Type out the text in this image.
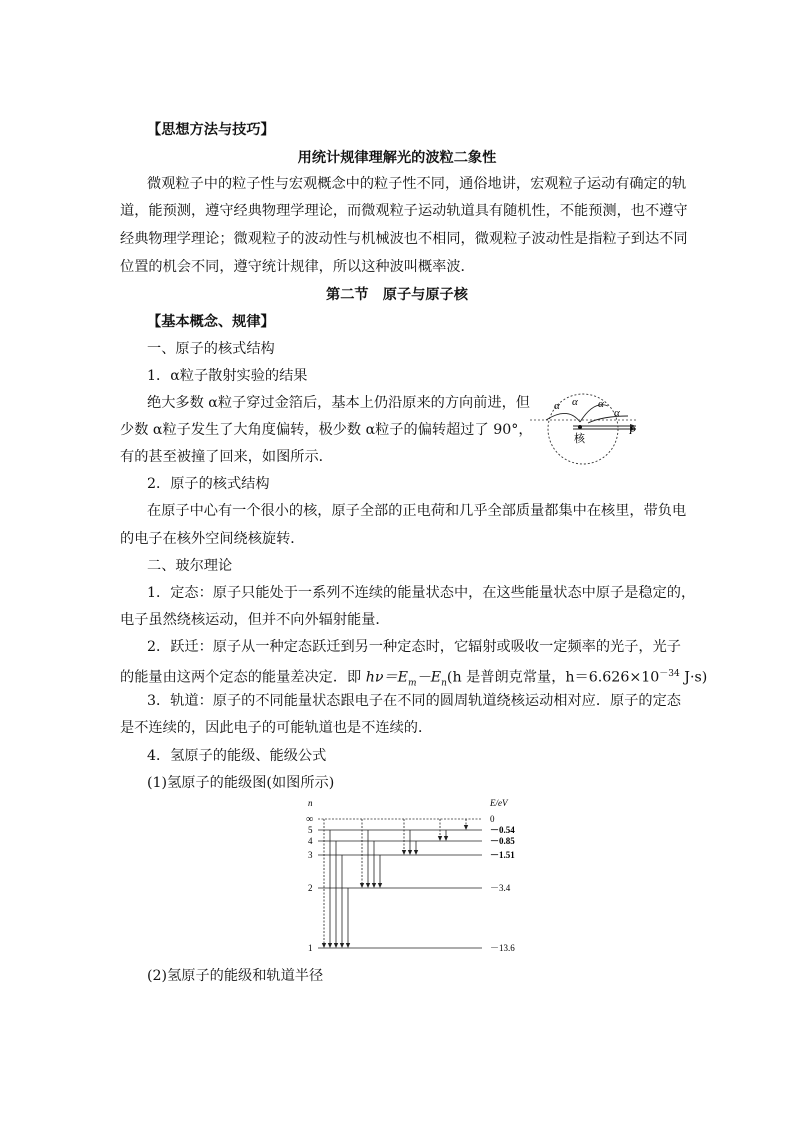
【思想方法与技巧】
用统计规律理解光的波粒二象性
微观粒子中的粒子性与宏观概念中的粒子性不同，通俗地讲，宏观粒子运动有确定的轨
道，能预测，遵守经典物理学理论，而微观粒子运动轨道具有随机性，不能预测，也不遵守
经典物理学理论；微观粒子的波动性与机械波也不相同，微观粒子波动性是指粒子到达不同
位置的机会不同，遵守统计规律，所以这种波叫概率波．
第二节　原子与原子核
【基本概念、规律】
一、原子的核式结构
1．α粒子散射实验的结果
绝大多数 α粒子穿过金箔后，基本上仍沿原来的方向前进，但
少数 α粒子发生了大角度偏转，极少数 α粒子的偏转超过了 90°，
有的甚至被撞了回来，如图所示．
α α α
α
核
P
2．原子的核式结构
在原子中心有一个很小的核，原子全部的正电荷和几乎全部质量都集中在核里，带负电
的电子在核外空间绕核旋转．
二、玻尔理论
1．定态：原子只能处于一系列不连续的能量状态中，在这些能量状态中原子是稳定的，
电子虽然绕核运动，但并不向外辐射能量．
2．跃迁：原子从一种定态跃迁到另一种定态时，它辐射或吸收一定频率的光子，光子
的能量由这两个定态的能量差决定．即 $h\nu=E_m-E_n(h$ 是普朗克常量，$h=6.626\times 10^{-34}$ J·s)
3．轨道：原子的不同能量状态跟电子在不同的圆周轨道绕核运动相对应．原子的定态
是不连续的，因此电子的可能轨道也是不连续的．
4．氢原子的能级、能级公式
(1)氢原子的能级图(如图所示)
n	E/eV
∞
5
4
3
2
1
0
－0.54
－0.85
－1.51
－3.4
－13.6
(2)氢原子的能级和轨道半径
